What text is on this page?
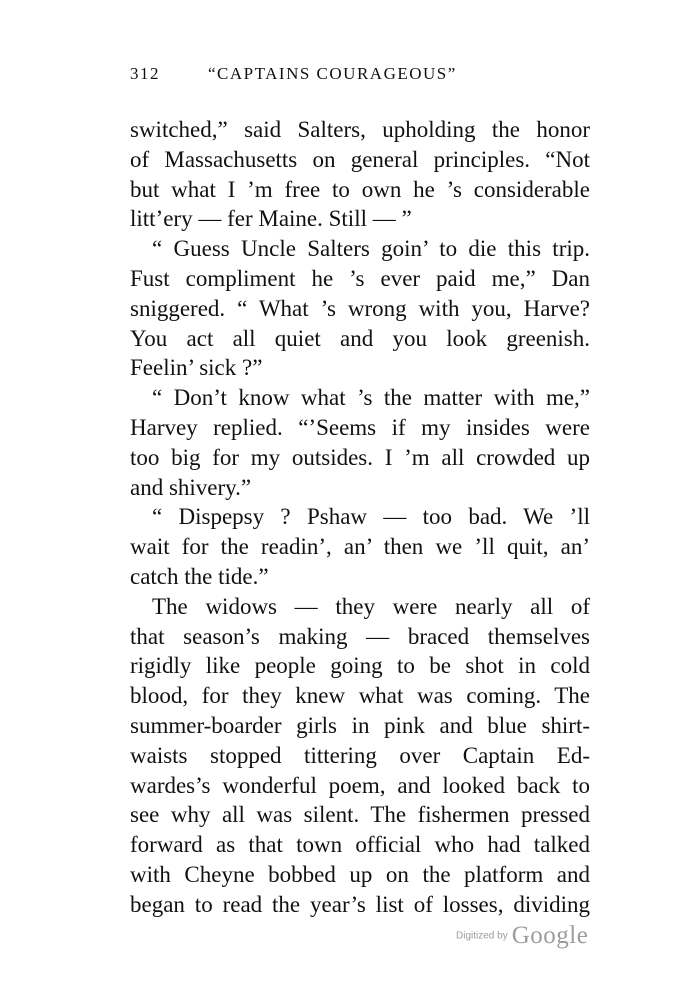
312	“CAPTAINS COURAGEOUS”
switched,” said Salters, upholding the honor
of Massachusetts on general principles. “Not
but what I ’m free to own he ’s considerable
litt’ery — fer Maine. Still — ”
“ Guess Uncle Salters goin’ to die this trip.
Fust compliment he ’s ever paid me,” Dan
sniggered. “ What ’s wrong with you, Harve?
You act all quiet and you look greenish.
Feelin’ sick ?”
“ Don’t know what ’s the matter with me,”
Harvey replied. “’Seems if my insides were
too big for my outsides. I ’m all crowded up
and shivery.”
“ Dispepsy ? Pshaw — too bad. We ’ll
wait for the readin’, an’ then we ’ll quit, an’
catch the tide.”
The widows — they were nearly all of
that season’s making — braced themselves
rigidly like people going to be shot in cold
blood, for they knew what was coming. The
summer-boarder girls in pink and blue shirt-
waists stopped tittering over Captain Ed-
wardes’s wonderful poem, and looked back to
see why all was silent. The fishermen pressed
forward as that town official who had talked
with Cheyne bobbed up on the platform and
began to read the year’s list of losses, dividing
Digitized by Google
